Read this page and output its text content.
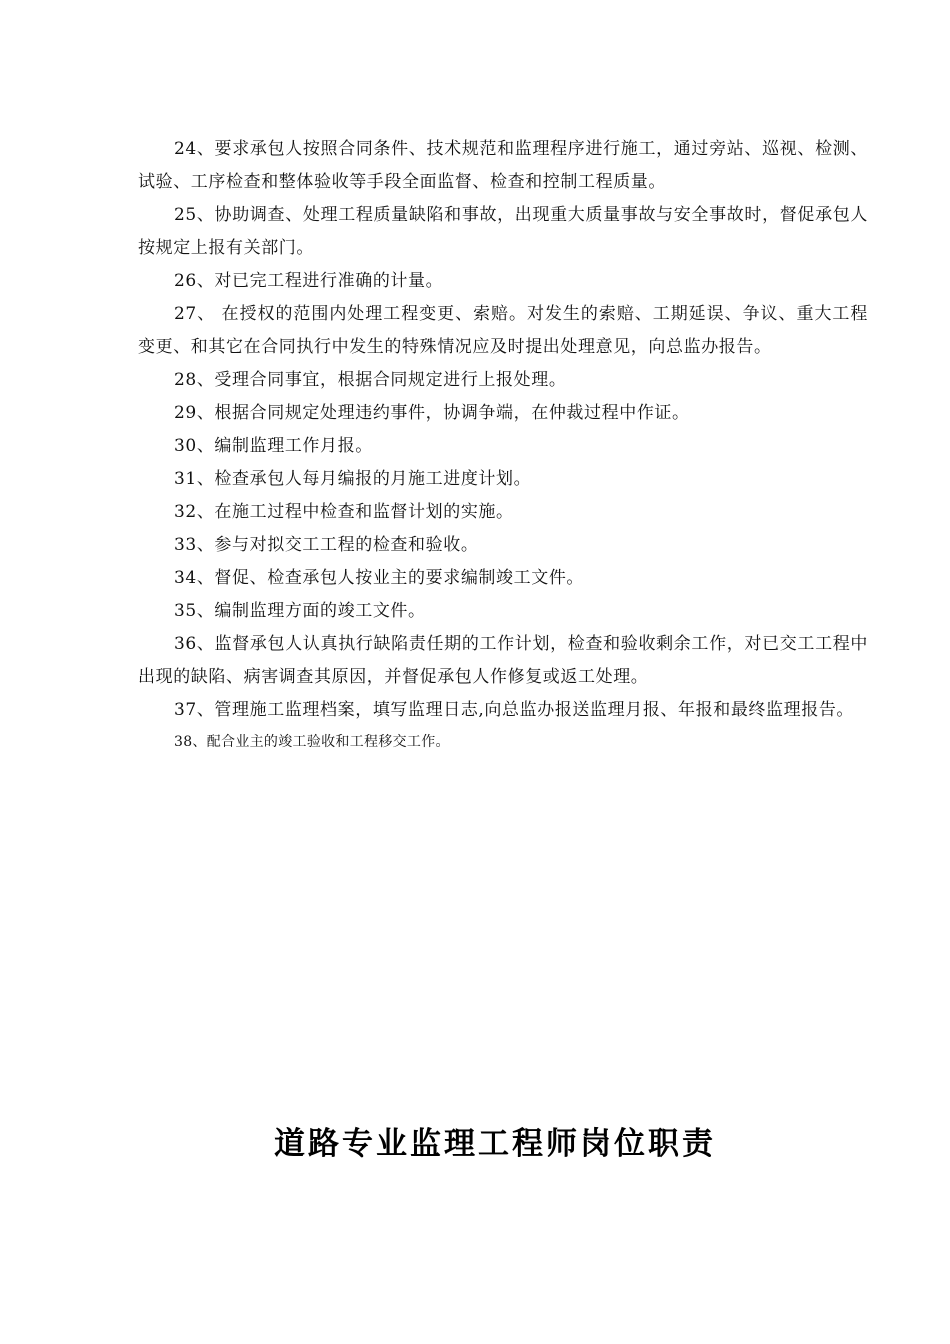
24、要求承包人按照合同条件、技术规范和监理程序进行施工，通过旁站、巡视、检测、试验、工序检查和整体验收等手段全面监督、检查和控制工程质量。

25、协助调查、处理工程质量缺陷和事故，出现重大质量事故与安全事故时，督促承包人按规定上报有关部门。

26、对已完工程进行准确的计量。

27、 在授权的范围内处理工程变更、索赔。对发生的索赔、工期延误、争议、重大工程变更、和其它在合同执行中发生的特殊情况应及时提出处理意见，向总监办报告。

28、受理合同事宜，根据合同规定进行上报处理。

29、根据合同规定处理违约事件，协调争端，在仲裁过程中作证。

30、编制监理工作月报。

31、检查承包人每月编报的月施工进度计划。

32、在施工过程中检查和监督计划的实施。

33、参与对拟交工工程的检查和验收。

34、督促、检查承包人按业主的要求编制竣工文件。

35、编制监理方面的竣工文件。

36、监督承包人认真执行缺陷责任期的工作计划，检查和验收剩余工作，对已交工工程中出现的缺陷、病害调查其原因，并督促承包人作修复或返工处理。

37、管理施工监理档案，填写监理日志,向总监办报送监理月报、年报和最终监理报告。

38、配合业主的竣工验收和工程移交工作。

道路专业监理工程师岗位职责
